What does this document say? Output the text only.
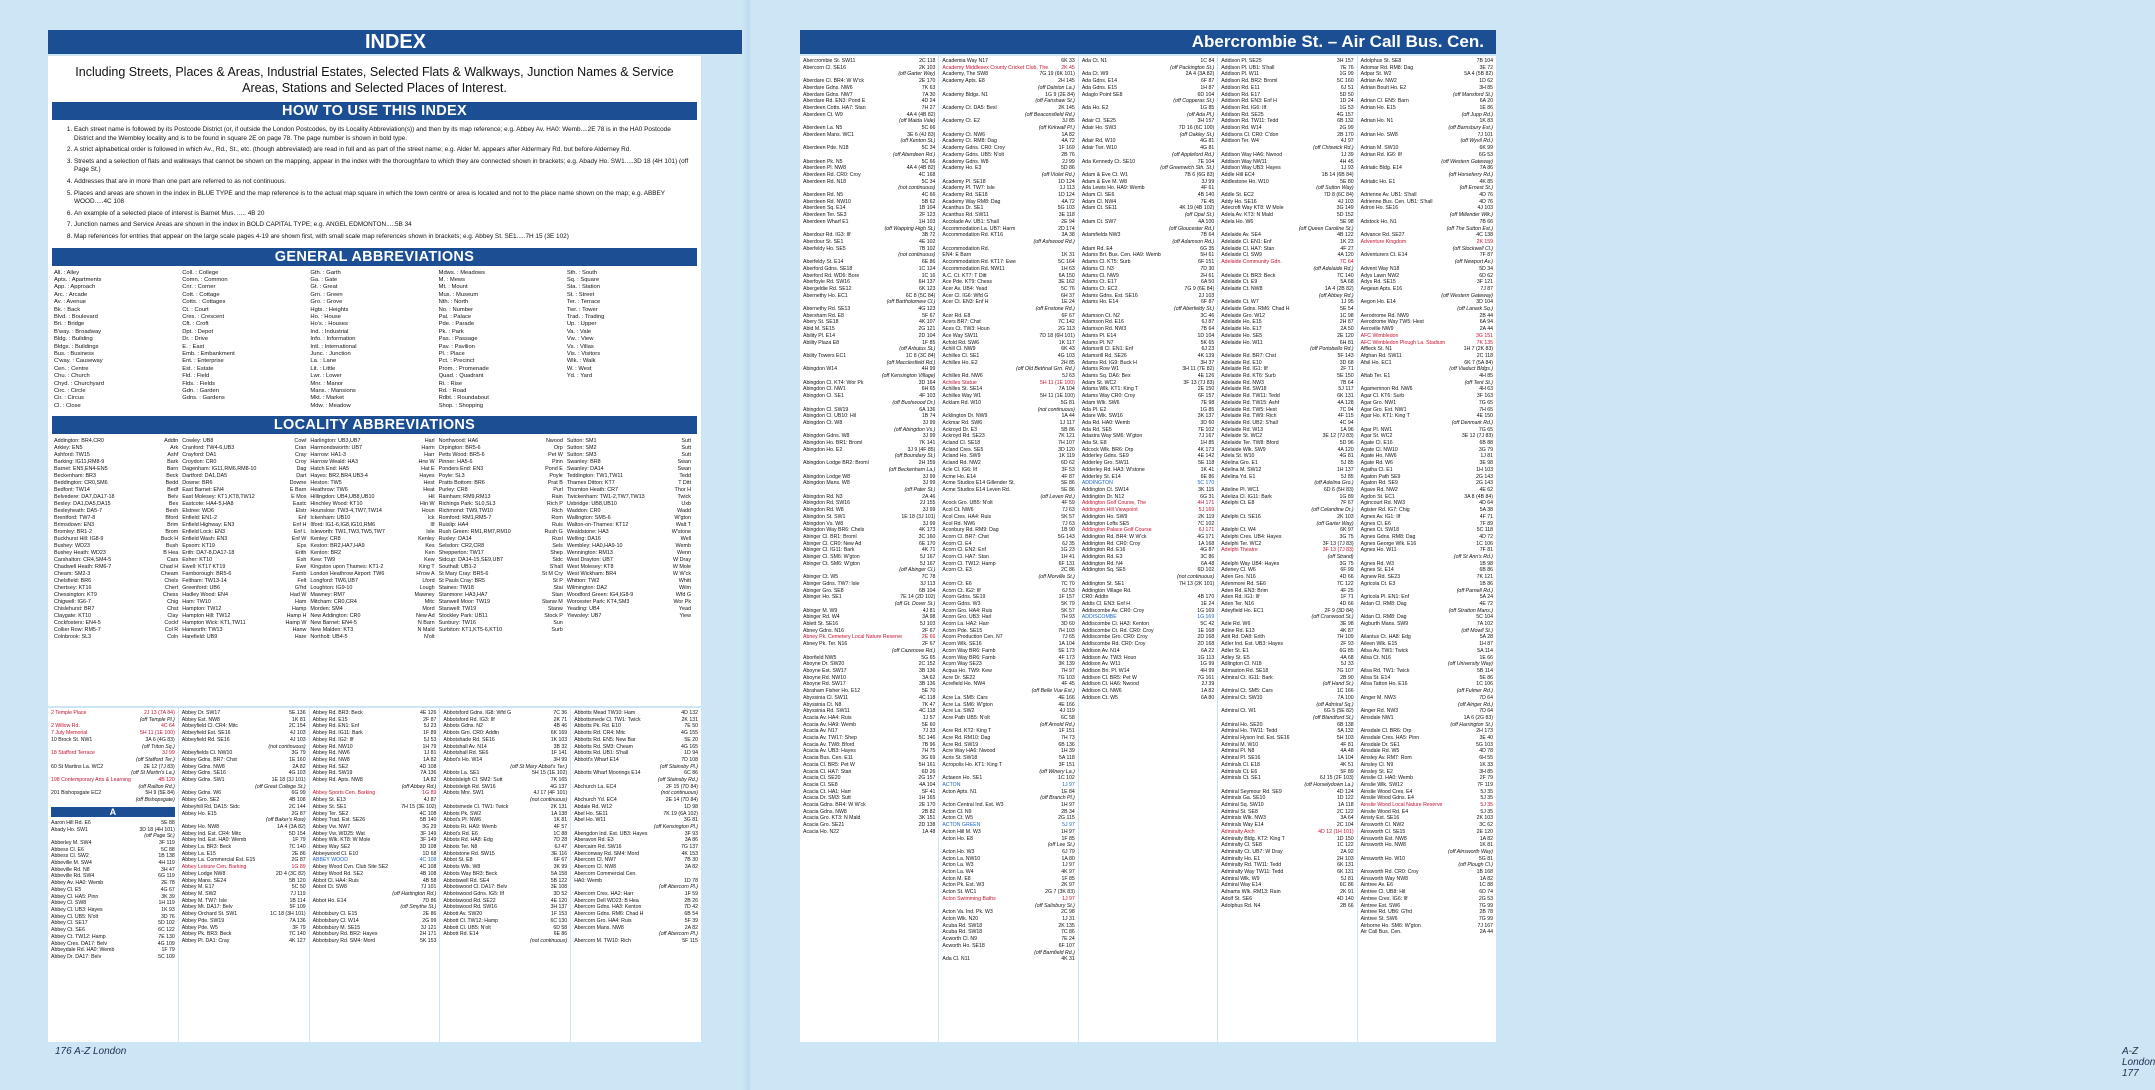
INDEX
Including Streets, Places & Areas, Industrial Estates, Selected Flats & Walkways, Junction Names & Service Areas, Stations and Selected Places of Interest.
HOW TO USE THIS INDEX
1. Each street name is followed by its Postcode District (or, if outside the London Postcodes, by its Locality Abbreviation(s)) and then by its map reference; e.g. Abbey Av. HA0: Wemb....2E 78 is in the HA0 Postcode District and the Wembley locality and is to be found in square 2E on page 78. The page number is shown in bold type.
2. A strict alphabetical order is followed in which Av., Rd., St., etc. (though abbreviated) are read in full and as part of the street name; e.g. Alder M. appears after Aldermary Rd. but before Alderney Rd.
3. Streets and a selection of flats and walkways that cannot be shown on the mapping, appear in the index with the thoroughfare to which they are connected shown in brackets; e.g. Abady Ho. SW1.....3D 18 (4H 101) (off Page St.)
4. Addresses that are in more than one part are referred to as not continuous.
5. Places and areas are shown in the index in BLUE TYPE and the map reference is to the actual map square in which the town centre or area is located and not to the place name shown on the map; e.g. ABBEY WOOD.....4C 108
6. An example of a selected place of interest is Barnet Mus. ..... 4B 20
7. Junction names and Service Areas are shown in the index in BOLD CAPITAL TYPE; e.g. ANGEL EDMONTON.....5B 34
8. Map references for entries that appear on the large scale pages 4-19 are shown first, with small scale map references shown in brackets; e.g. Abbey St. SE1.....7H 15 (3E 102)
GENERAL ABBREVIATIONS
All. : Alley
Apts. : Apartments
App. : Approach
Arc. : Arcade
Av. : Avenue
Bk. : Back
Blvd. : Boulevard
Bri. : Bridge
B'way. : Broadway
Bldg. : Building
Bldgs. : Buildings
Bus. : Business
C'way. : Causeway
Cen. : Centre
Chu. : Church
Chyd. : Churchyard
Circ. : Circle
Cir. : Circus
Cl. : Close
Coll. : College
Comn. : Common
Cnr. : Corner
Cott. : Cottage
Cotts. : Cottages
Ct. : Court
Cres. : Crescent
Cft. : Croft
Dpt. : Depot
Dr. : Drive
E. : East
Emb. : Embankment
Ent. : Enterprise
Est. : Estate
Fld. : Field
Flds. : Fields
Gdn. : Garden
Gdns. : Gardens
Gth. : Garth
Ga. : Gate
Gt. : Great
Grn. : Green
Gro. : Grove
Hgts. : Heights
Ho. : House
Ho's. : Houses
Ind. : Industrial
Info. : Information
Intl. : International
Junc. : Junction
La. : Lane
Lit. : Little
Lwr. : Lower
Mnr. : Manor
Mans. : Mansions
Mkt. : Market
Mdw. : Meadow
Mdws. : Meadows
M. : Mews
Mt. : Mount
Mus. : Museum
Nth. : North
No. : Number
Pal. : Palace
Pde. : Parade
Pk. : Park
Pas. : Passage
Pav. : Pavilion
Pl. : Place
Pct. : Precinct
Prom. : Promenade
Quad. : Quadrant
Ri. : Rise
Rd. : Road
Rdbt. : Roundabout
Shop. : Shopping
Sth. : South
Sq. : Square
Sta. : Station
St. : Street
Ter. : Terrace
Twr. : Tower
Trad. : Trading
Up. : Upper
Va. : Vale
Vw. : View
Vs. : Villas
Vis. : Visitors
Wlk. : Walk
W. : West
Yd. : Yard
LOCALITY ABBREVIATIONS
Addington: BR4,CR0	Addtn
Arkley: EN5	Ark
Ashford: TW15	Ashf
Barking: IG11,RM8-9	Bark
Barnet: EN5,EN4-EN5	Barn
Beckenham: BR3	Beck
Beddington: CR0,SM6	Bedd
Bedfont: TW14	Bedf
Belvedere: DA7,DA17-18	Belv
Bexley: DA1,DA5,DA15	Bex
Bexleyheath: DA5-7	Bexh
Brentford: TW7-8	Bford
Brimsdown: EN3	Brim
Bromley: BR1-2	Brom
Buckhurst Hill: IG8-9	Buck H
Bushey: WD23	Bush
Bushey Heath: WD23	B Hea
Carshalton: CR4,SM4-5	Cars
Chadwell Heath: RM6-7	Chad H
Cheam: SM2-3	Cheam
Chelsfield: BR6	Chels
Chertsey: KT16	Chert
Chessington: KT9	Chess
Chigwell: IG6-7	Chig
Chislehurst: BR7	Chst
Claygate: KT10	Clay
Cockfosters: EN4-5	Cockf
Collier Row: RM5-7	Col R
Colnbrook: SL3	Coln
Cowley: UB8	Cowl
Cranford: TW4-6,UB3	Cran
Crayford: DA1	Cray
Croydon: CR0	Croy
Dagenham: IG11,RM6,RM8-10	Dag
Dartford: DA1,DA5	Dart
Downe: BR6	Downe
East Barnet: EN4	E Barn
East Molesey: KT1,KT8,TW12	E Mos
Eastcote: HA4-5,HA8	Eastc
Elstree: WD6	Elstr
Enfield: EN1-2	Enf
Enfield Highway: EN3	Enf H
Enfield Lock: EN3	Enf L
Enfield Wash: EN3	Enf W
Epsom: KT19	Eps
Erith: DA7-8,DA17-18	Erith
Esher: KT10	Esh
Ewell: KT17 KT19	Ewe
Farnborough: BR5-6	Farnb
Feltham: TW13-14	Felt
Greenford: UB6	G'frd
Hadley Wood: EN4	Had W
Ham: TW10	Ham
Hampton: TW12	Hamp
Hampton Hill: TW12	Hamp H
Hampton Wick: KT1,TW11	Hamp W
Hanworth: TW13	Hanw
Harefield: UB9	Hare
Harlington: UB3,UB7	Harl
Harmondsworth: UB7	Harm
Harrow: HA1-3	Harr
Harrow Weald: HA3	Hrw W
Hatch End: HA5	Hat E
Hayes: BR2,BR4,UB3-4	Hayes
Heston: TW5	Hest
Heathrow: TW6	Heat
Hillingdon: UB4,UB8,UB10	Hil
Hinchley Wood: KT10	Hin W
Hounslow: TW3-4,TW7,TW14	Houn
Ickenham: UB10	Ick
Ilford: IG1-6,IG8,IG10,RM6	Ilf
Isleworth: TW1,TW3,TW5,TW7	Isle
Kenley: CR8	Kenley
Keston: BR2,HA7,HA9	Kes
Kenton: BR2	Ken
Kew: TW9	Kew
Kingston upon Thames: KT1-2	King T
London Heathrow Airport: TW6	H'row A
Longford: TW6,UB7	Lford
Loughton: IG9-10	Lough
Mawney: RM7	Mawney
Mitcham: CR0,CR4	Mitc
Morden: SM4	Mord
New Addington: CR0	New Ad
New Barnet: EN4-5	N Barn
New Malden: KT3	N Mald
Northolt: UB4-5	N'olt
Northwood: HA6	Nwood
Orpington: BR5-6	Orp
Petts Wood: BR5-6	Pet W
Pinner: HA5-6	Pinn
Ponders End: EN3	Pond E
Poyle: SL3	Poyle
Pratts Bottom: BR6	Prat B
Purley: CR8	Purl
Rainham: RM9,RM13	Rain
Richings Park: SL0,SL3	Rich P
Richmond: TW9,TW10	Rich
Romford: RM1,RM5-7	Rom
Ruislip: HA4	Ruis
Rush Green: RM1,RM7,RM10	Rush G
Ruxley: DA14	Ruxl
Selsdon: CR2,CR8	Sels
Shepperton: TW17	Shep
Sidcup: DA14-15,SE9,UB7	Sidc
Southall: UB1-2	S'hall
St Mary Cray: BR5-6	St M Cry
St Pauls Cray: BR5	St P
Staines: TW18	Stai
Stanmore: HA3,HA7	Stan
Stanwell Moor: TW19	Stanw M
Stanwell: TW19	Stanw
Stockley Park: UB11	Stock P
Sunbury: TW16	Sun
Surbiton: KT1,KT5-6,KT10	Surb
Sutton: SM1	Sutt
Sutton: SM2	Sutt
Sutton: SM3	Sutt
Swanley: BR8	Swan
Swanley: DA14	Swan
Teddington: TW1,TW11	Tedd
Thames Ditton: KT7	T Ditt
Thornton Heath: CR7	Thor H
Twickenham: TW1-2,TW7,TW13	Twick
Uxbridge: UB8,UB10	Uxb
Waddon: CR0	Wadd
Wallington: SM5-6	W'gton
Walton-on-Thames: KT12	Walt T
Wealdstone: HA3	W'stone
Welling: DA16	Well
Wembley: HA0,HA9-10	Wemb
Wennington: RM13	Wenn
West Drayton: UB7	W Dray
West Molesey: KT8	W Mole
West Wickham: BR4	W W'ck
Whitton: TW2	Whitt
Wilmington: DA2	Wilm
Woodford Green: IG4,IG8-9	Wfd G
Worcester Park: KT4,SM3	Wor Pk
Yeading: UB4	Yead
Yiewsley: UB7	Yiew
2 Temple Place	2J 13 (7A 84)
(off Temple Pl.)
2 Willow Rd.	4C 64
7 July Memorial	5H 11 (1E 100)
10 Brock St. NW1	3A 6 (4G 83)
(off Triton Sq.)
18 Stafford Terrace	3J 99
(off Stafford Ter.)
60 St Martins La. WC2	2E 12 (7J 83)
(off St Martin's La.)
198 Contemporary Arts & Learning	4B 120
(off Railton Rd.)
201 Bishopsgate EC2	5H 9 (5E 84)
(off Bishopsgate)
A
Aaron Hill Rd. E6	5E 88
Abady Ho. SW1	3D 18 (4H 101)
(off Page St.)
Abberley M. SW4	3F 119
Abbess Cl. E6	5C 88
Abbess Cl. SW2	1B 138
Abbeville M. SW4	4H 119
Abbeville Rd. N8	3H 47
Abbeville Rd. SW4	6G 119
Abbey Av. HA0: Wemb	2E 78
Abbey Cl. E5	4G 67
Abbey Cl. HA5: Pinn	3K 39
Abbey Cl. SW8	1H 119
Abbey Cl. UB3: Hayes	1K 93
Abbey Cl. UB5: N'olt	3D 76
Abbey Cl. SE17	5D 102
Abbey Ct. SE6	6C 122
Abbey Ct. TW12: Hamp	7E 130
Abbey Cres. DA17: Belv	4G 109
Abbeydale Rd. HA0: Wemb	1F 79
Abbey Dr. DA17: Belv	5C 109
Abbey Dr. SW17	5E 136
Abbey Est. NW8	1K 81
Abbeyfield Cl. CR4: Mitc	2C 154
Abbeyfield Est. SE16	4J 103
Abbeyfield Rd. SE16	4J 103
(not continuous)
Abbeyfields Cl. NW10	3G 79
Abbey Gdns. BR7: Chst	1E 160
Abbey Gdns. NW8	2A 82
Abbey Gdns. SE16	4G 103
Abbey Gdns. SW1	1E 18 (3J 101)
(off Great College St.)
Abbey Gdns. W6	6G 99
Abbey Gro. SE2	4B 108
Abbeyhill Rd. DA15: Sidc	2C 144
Abbey Ho. E15	2G 87
(off Baker's Row)
Abbey Ho. NW8	1A 4 (3A 82)
Abbey Ind. Est. CR4: Mitc	5D 154
Abbey Ind. Est. HA0: Wemb	1F 79
Abbey La. BR3: Beck	7C 140
Abbey La. E15	2E 86
Abbey La. Commercial Est. E15	2G 87
Abbey Leisure Cen. Barking	1G 89
Abbey Lodge NW8	2D 4 (3C 82)
Abbey Mans. SE24	5B 120
Abbey M. E17	5C 50
Abbey M. SW2	7J 119
Abbey M. TW7: Isle	1B 114
Abbey Mt. DA17: Belv	5F 109
Abbey Orchard St. SW1	1C 18 (3H 101)
Abbey Pde. SW19	7A 136
Abbey Pde. W5	3F 79
Abbey Pk. BR3: Beck	7C 140
Abbey Pl. DA1: Cray	4K 127
Abbey Rd. BR3: Beck	4E 126
Abbey Rd. E15	2F 87
Abbey Rd. EN1: Enf	5J 23
Abbey Rd. IG11: Bark	1F 89
Abbey Rd. IG2: Ilf	5J 53
Abbey Rd. NW10	1H 79
Abbey Rd. NW6	1J 81
Abbey Rd. NW8	1A 82
Abbey Rd. SE2	4D 108
Abbey Rd. SW19	7A 136
Abbey Rd. Apts. NW8	1A 82
(off Abbey Rd.)
Abbey Sports Cen. Barking	1G 89
Abbey St. E13	4J 87
Abbey St. SE1	7H 15 (3E 102)
Abbey Ter. SE2	4C 108
Abbey Trad. Est. SE26	5B 140
Abbey Vw. NW7	3G 29
Abbey Vw. WD25: Wat	3F 149
Abbey Wlk. KT8: W Mole	3F 149
Abbey Way SE2	3D 108
Abbeywood Cl. E10	1D 68
ABBEY WOOD	4C 108
Abbey Wood Cvn. Club Site SE2	4C 108
Abbey Wood Rd. SE2	4B 108
Abbot Cl. HA4: Ruis	4B 58
Abbot Ct. SW8	7J 101
(off Hartington Rd.)
Abbot Ho. E14	7D 86
(off Smythe St.)
Abbotsbury Cl. E15	2E 86
Abbotsbury Cl. W14	2G 99
Abbotsbury M. SE15	3J 121
Abbotsbury Rd. BR2: Hayes	2H 171
Abbotsbury Rd. SM4: Mord	5K 153
Abbotsford Gdns. IG8: Wfd G	7C 36
Abbotsford Rd. IG3: Ilf	2K 71
Abbots Gdns. N2	4B 46
Abbots Grn. CR0: Addtn	6K 169
Abbotshade Rd. SE16	1K 103
Abbotshall Av. N14	3B 32
Abbotshall Rd. SE6	1F 141
Abbot's Ho. W14	3H 99
(off St Mary Abbot's Ter.)
Abbots La. SE1	5H 15 (1E 102)
Abbotsleigh Cl. SM2: Sutt	7K 165
Abbotsleigh Rd. SW16	4G 137
Abbots Mnr. SW1	4J 17 (4F 101)
(not continuous)
Abbotsmede Cl. TW1: Twick	2K 131
Abbots Pk. SW2	1A 138
Abbot's Pl. NW6	1K 81
Abbots Ri. HA9: Wemb	4F 57
Abbot's Rd. E6	1C 88
Abbots Rd. HA8: Edg	7D 28
Abbots Ter. N8	6J 47
Abbotstone Rd. SW15	3E 116
Abbot St. E8	6F 67
Abbots Wlk. W8	3K 99
Abbots Way BR3: Beck	5A 158
Abbotswell Rd. SE4	5B 122
Abbotswood Cl. DA17: Belv	3E 108
Abbotswood Gdns. IG5: Ilf	3D 52
Abbotswood Rd. SE22	4E 120
Abbotswood Rd. SW16	3H 137
Abbott Av. SW20	1F 153
Abbott Cl. TW12: Hamp	6C 130
Abbott Cl. UB5: N'olt	6D 58
Abbott Rd. E14	6E 86
(not continuous)
Abbotts Mead TW10: Ham	4D 132
Abbottsmede Cl. TW1: Twick	2K 131
Abbotts Pk. Rd. E10	7E 50
Abbotts Rd. CR4: Mitc	4G 155
Abbotts Rd. EN5: New Bar	5E 20
Abbotts Rd. SM3: Cheam	4G 165
Abbotts Rd. UB1: S'hall	1D 94
Abbott's Wharf E14	7D 108
(off Stainsby Pl.)
Abbotts Wharf Moorings E14	6C 86
(off Stainsby Rd.)
Abchurch La. EC4	2F 15 (7D 84)
(not continuous)
Abchurch Yd. EC4	2E 14 (7D 84)
Abdale Rd. W12	1D 98
Abel Ho. SE11	7K 19 (6A 102)
Abel Ho. W11	3G 81
(off Kensington Pl.)
Abengdon Ind. Est. UB3: Hayes	3F 93
Aberavon Rd. E3	3A 86
Abercairn Rd. SW16	7G 137
Aberconway Rd. SM4: Mord	4K 153
Abercorn Cl. NW7	7B 30
Abercorn Cl. NW8	3A 82
Abercorn Commercial Cen.
HA0: Wemb	1D 78
(off Abercorn Pl.)
Abercorn Cres. HA2: Harr	1F 59
Abercorn Dell WD23: B Hea	2B 26
Abercorn Gdns. HA3: Kenton	7D 42
Abercorn Gdns. RM6: Chad H	6B 54
Abercorn Gro. HA4: Ruis	5F 39
Abercorn Mans. NW8	2A 82
(off Abercorn Pl.)
Abercorn M. TW10: Rich	5F 115
176 A-Z London
Abercrombie St. – Air Call Bus. Cen.
Abercrombie St. SW11	2C 118
Abercorn Cl. SE16	2K 103
(off Garter Way)
Aberdare Cl. BR4: W W'ck	2E 170
Aberdare Gdns. NW6	7K 63
Aberdare Gdns. NW7	7A 30
Aberdare Rd. EN3: Pond E	4D 24
Aberdeen Cotts. HA7: Stan	7H 27
Aberdeen Ct. W9	4A 4 (4B 82)
(off Maida Vale)
Aberdeen La. N5	5C 66
Aberdeen Mans. WC1	3E 6 (4J 83)
(off Kenton St.)
Aberdeen Pde. N18	5C 34
(off Aberdeen Rd.)
Aberdeen Pk. N5	5C 66
Aberdeen Pl. NW8	4A 4 (4B 82)
Aberdeen Rd. CR0: Croy	4C 168
Aberdeen Rd. N18	5C 34
(not continuous)
Aberdeen Rd. N5	4C 66
Aberdeen Rd. NW10	5B 62
Aberdeen Sq. E14	1B 104
Aberdeen Ter. SE3	2F 123
Aberdeen Wharf E1	1H 103
(off Wapping High St.)
Aberdour Rd. IG3: Ilf	3B 72
Aberdour St. SE1	4E 102
Aberfeldy Ho. SE5	7B 102
(not continuous)
Aberfeldy St. E14	6E 86
Aberford Gdns. SE18	1C 124
Aberford Rd. WD6: Bore	1C 16
Aberfoyle Rd. SW16	6H 137
Abergeldie Rd. SE12	6K 123
Abernethy Ho. EC1	6C 8 (5C 84)
(off Bartholomew Cl.)
Abernethy Rd. SE13	4G 123
Abersham Rd. E8	5F 67
Abery St. SE18	4K 107
Abid M. SE15	2G 121
Ability Pl. E14	2D 104
Ability Plaza E8	1F 85
(off Arbutus St.)
Ability Towers EC1	1C 8 (3C 84)
(off Macclesfield Rd.)
Abingdon W14	4H 99
(off Kensington Village)
Abingdon Cl. KT4: Wor Pk	3D 164
Abingdon Cl. NW1	6H 65
Abingdon Cl. SE1	4F 103
(off Bushwood Dr.)
Abingdon Cl. SW19	6A 136
Abingdon Cl. UB10: Hil	1B 74
Abingdon Ct. W8	3J 99
(off Abingdon Vs.)
Abingdon Gdns. W8	3J 99
Abingdon Ho. BR1: Broml	7K 141
Abingdon Ho. E2	3J 9 (4F 85)
(off Boundary St.)
Abingdon Lodge BR2: Broml	2H 159
(off Beckenham La.)
Abingdon Lodge W8	3J 99
Abingdon Mans. W8	3J 99
(off Pater St.)
Abingdon Rd. N3	2A 46
Abingdon Rd. SW16	2J 155
Abingdon Rd. W8	3J 99
Abingdon St. SW1	1E 18 (3J 101)
Abingdon Vs. W8	3J 99
Abingdon Way BR6: Chels	4K 173
Abinger Cl. BR1: Broml	3C 160
Abinger Cl. CR0: New Ad	6E 170
Abinger Cl. IG11: Bark	4K 71
Abinger Cl. SM6: W'gton	5J 167
Abinger Ct. SM6: W'gton	5J 167
(off Abinger Cl.)
Abinger Ct. W5	7C 78
Abinger Gdns. TW7: Isle	3J 113
Abinger Gro. SE8	6B 104
Abinger Ho. SE1	7E 14 (2D 102)
(off Gt. Dover St.)
Abinger M. W9	4J 81
Abinger Rd. W4	3A 98
Ablett St. SE16	5J 103
Abney Gdns. N16	2F 67
Abney Pk. Cemetery Local Nature Reserve	2E 66
Abney Pk. Ter. N16	2F 67
(off Cazenove Rd.)
Aborfield NW5	5G 65
Aboyne Dr. SW20	2C 152
Aboyne Est. SW17	3B 136
Aboyne Rd. NW10	3A 62
Aboyne Rd. SW17	3B 136
Abraham Fisher Ho. E12	5E 70
Abyssinia Cl. SW11	4C 118
Abyssinia Ct. N8	7K 47
Abyssinia Rd. SW11	4C 118
Acacia Av. HA4: Ruis	1J 57
Acacia Av. HA9: Wemb	5E 60
Acacia Av. N17	7J 33
Acacia Av. TW17: Shep	5C 146
Acacia Av. TW8: Bford	7B 96
Acacia Av. UB3: Hayes	7H 75
Acacia Bus. Cen. E11	3G 69
Acacia Cl. BR5: Pet W	5H 161
Acacia Cl. HA7: Stan	6D 26
Acacia Cl. SE20	2G 157
Acacia Cl. SE8	4A 104
Acacia Ct. HA1: Harr	5F 41
Acacia Dr. SM3: Sutt	1H 165
Acacia Gdns. BR4: W W'ck	2E 170
Acacia Gdns. NW8	2B 82
Acacia Gro. KT3: N Mald	3K 151
Acacia Gro. SE21	2D 138
Acacia Ho. N22	1A 48
Academia Way N17	6K 33
Academy Middlesex County Cricket Club, The	2K 45
Academy, The SW8	7G 19 (6K 101)
Academy Apts. E8	2H 145
(off Dalston La.)
Academy Bldgs. N1	1G 9 (2E 84)
(off Fanshaw St.)
Academy Ct. DA5: Bexl	2K 145
(off Beaconsfield Rd.)
Academy Ct. E2	3J 85
(off Kirkwall Pl.)
Academy Ct. NW6	1A 82
Academy Ct. RM8: Dag	4A 72
Academy Gdns. CR0: Croy	1F 169
Academy Gdns. UB5: N'olt	2B 76
Academy Gdns. W8	2J 99
Academy Ho. E3	5D 86
(off Violet Rd.)
Academy Pl. SE18	1D 124
Academy Pl. TW7: Isle	1J 113
Academy Rd. SE18	1D 124
Academy Way RM8: Dag	4A 72
Acanthus Dr. SE1	5G 103
Acanthus Rd. SW11	3E 118
Accolade Av. UB1: S'hall	2E 94
Accommodation La. UB7: Harm	2D 174
Accommodation Rd. KT16	3A 38
(off Ashwood Rd.)
Accommodation Rd.
EN4: E Barn	1K 31
Accommodation Rd. KT17: Ewe	5C 164
Accommodation Rd. NW11	1H 63
A.C. Ct. KT7: T Ditt	6A 150
Ace Pde. KT9: Chess	3E 162
Acer Av. UB4: Yead	5C 76
Acer Cl. IG6: Wfd G	6H 37
Acer Ct. EN3: Enf H	1E 24
(off Enstone Rd.)
Acer Rd. E8	6F 67
Acers BR7: Chst	7C 142
Aces Ct. TW3: Houn	2G 113
Ace Way SW11	7D 18 (6H 101)
Acfold Rd. SW6	1K 117
Achill Cl. NW9	6K 43
Achilles Cl. SE1	4G 103
Achilles Ho. E2	2H 85
(off Old Bethnal Grn. Rd.)
Achilles Rd. NW6	5J 63
Achilles Statue	5H 11 (1E 100)
Achilles St. SE14	7A 104
Achilles Way W1	5H 11 (1E 100)
Acklam Rd. W10	5G 81
(not continuous)
Acklington Dr. NW9	1A 44
Ackmar Rd. SW6	1J 117
Ackroyd Dr. E3	5B 86
Ackroyd Rd. SE23	7K 121
Acland Cl. SE18	7H 107
Acland Cres. SE5	3D 120
Acland Ho. SW9	1K 119
Acland Rd. NW2	6D 62
Acle Cl. IG6: Ilf	3F 53
Acme Ho. E14	4F 87
Acme Studios E14 Gillender St.	5E 86
Acme Studios E14 Leven Rd.	5E 86
(off Leven Rd.)
Acock Gro. UB5: N'olt	4F 59
Acol Ct. NW6	7J 63
Acol Cres. HA4: Ruis	5K 57
Acol Rd. NW6	7J 63
Aconbury Rd. RM9: Dag	1B 90
Acorn Cl. BR7: Chst	5G 143
Acorn Cl. E4	6J 35
Acorn Cl. EN2: Enf	1G 23
Acorn Cl. HA7: Stan	1H 41
Acorn Cl. TW12: Hamp	6F 131
Acorn Ct. E3	2C 86
(off Morville St.)
Acorn Ct. E6	7C 70
Acorn Ct. IG2: Ilf	6J 53
Acorn Gdns. SE19	1F 157
Acorn Gdns. W3	5K 79
Acorn Gro. HA4: Ruis	5K 57
Acorn Gro. UB3: Harl	7H 93
Acorn La. HA2: Harr	3D 60
Acorn Pde. SE15	7H 103
Acorn Production Cen. N7	7J 65
Acorn Wlk. SE16	1A 104
Acorn Way BR6: Farnb	5E 173
Acorn Way BR6: Farnb	4F 173
Acorn Way SE23	3K 139
Acqua Ho. TW9: Kew	7H 97
Acre Dr. SE22	7G 103
Acrefield Ho. NW4	4F 45
(off Belle Vue Est.)
Acre La. SM5: Cars	4E 166
Acre La. SM6: W'gton	4E 166
Acre La. SW2	4J 119
Acre Path UB5: N'olt	6C 58
(off Arnold Rd.)
Acre Rd. KT2: King T	1F 151
Acre Rd. RM10: Dag	7H 73
Acre Rd. SW19	6B 136
Acre Way HA6: Nwood	1H 39
Acris St. SW18	5A 118
Acropolis Ho. KT1: King T	3F 151
(off Winery La.)
Actaeon Ho. SE1	1C 102
ACTON	1J 97
Acton Apts. N1	1E 84
(off Branch Pl.)
Acton Central Ind. Est. W3	1H 97
Acton Cl. N9	2B 34
Acton Ct. W5	2G 115
ACTON GREEN	5J 97
Acton Hill M. W3	1H 97
Acton Ho. E8	1F 85
(off Lee St.)
Acton Ho. W3	6J 79
Acton La. NW10	1A 80
Acton La. W3	1J 97
Acton La. W4	4K 97
Acton M. E8	1F 85
Acton Pk. Est. W3	2K 97
Acton St. WC1	2G 7 (3K 83)
Acton Swimming Baths	1J 97
(off Salisbury St.)
Acton Va. Ind. Pk. W3	2C 98
Acton Wlk. N20	1J 31
Acuba Rd. SW18	2K 135
Acuba Rd. SW18	7C 86
Acworth Cl. N9	7E 24
Acworth Ho. SE18	6F 107
(off Barnfield Rd.)
Ada Cl. N11	4K 31
Ada Ct. N1	1C 84
(off Packington St.)
Ada Ct. W9	2A 4 (3A 82)
Ada Gdns. E14	6F 87
Ada Gdns. E15	1H 87
Adagio Point SE8	6D 104
(off Copperas St.)
Ada Ho. E2	1G 85
(off Ada Pl.)
Adair Cl. SE25	3H 157
Adair Ho. SW3	7D 16 (6C 100)
(off Oakley St.)
Adair Rd. W10	4G 81
Adair Twr. W10	4G 81
(off Appleford Rd.)
Ada Kennedy Ct. SE10	7E 104
(off Greenwich Sth. St.)
Adam & Eve Ct. W1	7B 6 (6G 83)
Adam & Eve M. W8	3J 99
Ada Lewis Ho. HA9: Wemb	4F 61
Adam Cl. SE6	4B 140
Adam Cl. NW4	7E 45
Adam Ct. SE11	4K 19 (4B 102)
(off Opal St.)
Adam Ct. SW7	4A 100
(off Gloucester Rd.)
Adamfields NW3	7B 64
(off Adamson Rd.)
Adam Rd. E4	6G 35
Adams Bri. Bus. Cen. HA9: Wemb	5H 61
Adams Cl. KT5: Surb	6F 151
Adams Cl. N3	7D 30
Adams Cl. NW9	2H 61
Adams Ct. E17	6A 50
Adams Ct. EC2	7G 9 (6E 84)
Adams Gdns. Est. SE16	2J 103
Adams Ho. E14	6F 87
(off Aberfeldy St.)
Adamson Ct. N2	3C 46
Adamson Rd. E16	6J 87
Adamson Rd. NW3	7B 64
Adams Pl. E14	1D 104
Adams Pl. N7	5K 65
Adamsrill Cl. EN1: Enf	6J 23
Adamsrill Rd. SE26	4K 139
Adams Rd. IG9: Buck H	3H 37
Adams Row W1	3H 11 (7E 82)
Adams Sq. DA6: Bex	4E 126
Adam St. WC2	3F 13 (7J 83)
Adams Wlk. KT1: King T	2E 150
Adams Way CR0: Croy	6F 157
Adam Wlk. SW6	7E 98
Ada Pl. E2	1G 85
Adare Wlk. SW16	3K 137
Ada Rd. HA0: Wemb	3D 60
Ada Rd. SE5	7E 102
Adastra Way SM6: W'gton	7J 167
Ada St. E8	1H 85
Adcock Wlk. BR6: Orp	4K 173
Adderley Gdns. SE9	4E 142
Adderley Gro. SW11	5E 118
Adderley Rd. HA3: W'stone	1K 41
Adderley St. E14	6E 86
ADDINGTON	5C 170
Addington Ct. SW14	3K 115
Addington Dr. N12	6G 31
Addington Golf Course, The	4H 171
Addington Hill Viewpoint	5J 169
Addington Ho. SW9	2K 119
Addington Lofts SE5	7C 102
Addington Palace Golf Course	6J 171
Addington Rd. BR4: W W'ck	4G 171
Addington Rd. CR0: Croy	1A 168
Addington Rd. E16	4G 87
Addington Rd. E3	3C 86
Addington Rd. N4	6A 48
Addington Sq. SE5	6D 102
(not continuous)
Addington St. SE1	7H 13 (2K 101)
Addington Village Rd.
CR0: Addtn	4B 170
Addis Cl. EN3: Enf H	1E 24
Addiscombe Av. CR0: Croy	1G 169
ADDISCOMBE	1G 169
Addiscombe Cl. HA3: Kenton	5C 42
Addiscombe Ct. Rd. CR0: Croy	1E 168
Addiscombe Gro. CR0: Croy	2D 168
Addiscombe Rd. CR0: Croy	2D 168
Addison Av. N14	6A 22
Addison Av. TW3: Houn	1G 113
Addison Av. W11	1G 99
Addison Bri. Pl. W14	4H 99
Addison Cl. BR5: Pet W	7G 161
Addison Cl. HA6: Nwood	2J 39
Addison Ct. NW6	1A 82
Addison Ct. W5	6A 80
Addison Pl. SE25	3H 157
Addison Pl. UB1: S'hall	7E 76
Addison Pl. W11	1G 99
Addison Rd. BR2: Broml	5C 160
Addison Rd. E11	6J 51
Addison Rd. E17	5D 50
Addison Rd. EN3: Enf H	1D 24
Addison Rd. IG6: Ilf	1G 53
Addison Rd. SE25	4G 157
Addison Rd. TW11: Tedd	6B 132
Addison Rd. W14	2G 99
Addisons Cl. CR0: C'don	2B 170
Addison Ter. W4	4J 97
(off Chiswick Rd.)
Addison Way HA6: Nwood	1J 39
Addison Way NW11	4H 45
Addison Way UB3: Hayes	1J 93
Addle Hill EC4	1B 14 (6B 84)
Addlestone Ho. W10	5E 80
(off Sutton Way)
Addle St. EC2	7D 8 (6C 84)
Addy Ho. SE16	4J 103
Adecroft Way KT8: W Mole	3G 149
Adela Av. KT3: N Mald	5D 152
Adela Ho. W6	5E 98
(off Queen Caroline St.)
Adelaide Av. SE4	4B 122
Adelaide Cl. EN1: Enf	1K 23
Adelaide Cl. HA7: Stan	4F 27
Adelaide Cl. SW9	4A 120
Adelaide Community Gdn.	7C 64
(off Adelaide Rd.)
Adelaide Ct. BR3: Beck	7C 140
Adelaide Ct. E9	5A 68
Adelaide Ct. NW8	1A 4 (2B 82)
(off Abbey Rd.)
Adelaide Ct. W7	1J 95
Adelaide Gdns. RM6: Chad H	5E 54
Adelaide Gro. W12	1C 98
Adelaide Ho. E15	2H 87
Adelaide Ho. E17	2A 50
Adelaide Ho. SE5	2E 120
Adelaide Ho. W11	6H 81
(off Portobello Rd.)
Adelaide Rd. BR7: Chst	5F 143
Adelaide Rd. E10	3D 68
Adelaide Rd. IG1: Ilf	2F 71
Adelaide Rd. KT6: Surb	5E 150
Adelaide Rd. NW3	7B 64
Adelaide Rd. SW18	5J 117
Adelaide Rd. TW11: Tedd	6K 131
Adelaide Rd. TW15: Ashf	4A 128
Adelaide Rd. TW5: Hest	7C 94
Adelaide Rd. TW9: Rich	4F 115
Adelaide Rd. UB2: S'hall	4C 94
Adelaide Rd. W13	1A 96
Adelaide St. WC2	3E 12 (7J 83)
Adelaide Ter. TW8: Bford	5D 96
Adelaide Wlk. SW9	4A 120
Adela St. W10	4G 81
Adelina Gro. E1	5J 85
Adelina M. SW12	1H 137
Adelina Yd. E1	5J 85
(off Adelina Gro.)
Adeline Pl. WC1	6D 6 (5H 83)
Adeliza Cl. IG11: Bark	1G 89
Adelphi Ct. E8	7F 67
(off Celandine Dr.)
Adelphi Ct. SE16	2K 103
(off Garter Way)
Adelphi Ct. W4	6K 97
Adelphi Cres. UB4: Hayes	3G 75
Adelphi Ter. WC2	3F 13 (7J 83)
Adelphi Theatre	3F 13 (7J 83)
(off Strand)
Adelphi Way UB4: Hayes	3G 75
Adeney Cl. W6	6F 99
Aden Gro. N16	4D 66
Adenmore Rd. SE6	7C 122
Aden Rd. EN3: Brim	4F 25
Aden Rd. IG1: Ilf	1F 71
Aden Ter. N16	4D 66
Adeyfield Ho. EC1	2F 9 (3D 84)
(off Cranwood St.)
Adie Rd. W6	3E 98
Adine Rd. E13	4K 87
Adit Rd. DA8: Erith	7H 109
Adler Ind. Est. UB3: Hayes	2F 93
Adler St. E1	6G 85
Adley St. E5	4A 68
Adlington Cl. N18	5J 33
Admaston Rd. SE18	7G 107
Admiral Ct. IG11: Bark	2B 90
(off Hand St.)
Admiral Ct. SM5: Cars	1C 166
Admiral Ct. SW10	7A 100
(off Admiral Sq.)
Admiral Ct. W1	6G 5 (5E 82)
(off Blandford St.)
Admiral Ho. SE20	6B 138
Admiral Ho. TW11: Tedd	5A 132
Admiral Hyson Ind. Est. SE16	5H 103
Admiral M. W10	4F 81
Admiral Pl. N8	4A 48
Admiral Pl. SE16	1A 104
Admirals Cl. E18	4K 51
Admirals Ct. E6	5F 89
Admirals Ct. SE1	6J 15 (2F 103)
(off Horselydown La.)
Admiral Seymour Rd. SE9	4D 124
Admirals Ga. SE10	1D 122
Admiral Sq. SW10	1A 118
Admiral St. SE8	2C 122
Admirals Wlk. NW3	3A 64
Admirals Way E14	2C 104
Admiralty Arch	4D 12 (1H 101)
Admiralty Bldg. KT2: King T	1D 150
Admiralty Cl. SE8	1C 122
Admiralty Ct. UB7: W Dray	2A 92
Admiralty Ho. E1	2H 103
Admiralty Rd. TW11: Tedd	6K 131
Admiralty Way TW11: Tedd	6K 131
Admiral Wlk. W9	5J 81
Admiral Way E14	6C 86
Adnams Wlk. RM13: Rain	2K 91
Adolf St. SE6	4D 140
Adolphus Rd. N4	2B 66
Adolphus St. SE8	7B 104
Adomar Rd. RM8: Dag	3E 72
Adpar St. W2	5A 4 (5B 82)
Adrian Av. NW2	1D 62
Adrian Boult Ho. E2	3H 85
(off Mansford St.)
Adrian Cl. EN5: Barn	6A 20
Adrian Ho. E15	1E 86
(off Jupp Rd.)
Adrian Ho. N1	1K 83
(off Barnsbury Est.)
Adrian Ho. SW8	7J 101
(off Wyvil Rd.)
Adrian M. SW10	6K 99
Adrian Rd. IG6: Ilf	6G 53
(off Western Gateway)
Adriatic Bldg. E14	7A 86
(off Horseferry Rd.)
Adriatic Ho. E1	4K 85
(off Ernest St.)
Adrienne Av. UB1: S'hall	4D 76
Adrienne Bus. Cen. UB1: S'hall	4D 76
Adron Ho. SE16	4J 103
(off Millender Wlk.)
Adstock Ho. N1	7B 66
(off The Sutton Est.)
Advance Rd. SE27	4C 138
Adventure Kingdom	2K 159
(off Stockwell Cl.)
Adventurers Ct. E14	7F 87
(off Newport Av.)
Advent Way N18	5D 34
Adys Lawn NW2	6D 62
Adys Rd. SE15	3F 121
Aegean Apts. E16	7J 87
(off Western Gateway)
Aegon Ho. E14	3D 104
(off Lanark Sq.)
Aerodrome Rd. NW9	2B 44
Aerodrome Way TW5: Hest	6A 94
Aeroville NW9	2A 44
AFC Wimbledon	3G 151
AFC Wimbledon Plough La. Stadium	7K 135
Affleck St. N1	1H 7 (2K 83)
Afghan Rd. SW11	2C 118
Afsil Ho. EC1	6K 7 (5A 84)
(off Viaduct Bldgs.)
Aftab Ter. E1	4H 85
(off Tent St.)
Agamemnon Rd. NW6	4H 63
Agar Cl. KT6: Surb	3F 163
Agar Gro. NW1	7G 65
Agar Gro. Est. NW1	7H 65
Agar Ho. KT1: King T	4E 150
(off Denmark Rd.)
Agar Pl. NW1	7G 65
Agar St. WC2	3E 12 (7J 83)
Agate Cl. E16	6B 88
Agate Cl. NW10	3G 79
Agate Ho. NW6	1J 81
Agate Rd. W6	3E 98
Agatha Cl. E1	1H 103
Agaton Path SE9	2G 143
Agaton Rd. SE9	2G 143
Agave Rd. NW2	4E 62
Agdon St. EC1	3A 8 (4B 84)
Agincourt Rd. NW3	4D 64
Agister Rd. IG7: Chig	5A 38
Agnes Av. IG1: Ilf	4F 71
Agnes Cl. E6	7F 89
Agnes Ct. SW18	5C 118
Agnes Gdns. RM8: Dag	4D 72
Agnes George Wlk. E16	1C 106
Agnes Ho. W11	7F 81
(off St Ann's Rd.)
Agnes Rd. W3	1B 98
Agnes St. E14	6B 86
Agnew Rd. SE23	7K 121
Agricola Ct. E3	1B 86
(off Parnell Rd.)
Agricola Pl. EN1: Enf	5A 24
Aidan Cl. RM8: Dag	4E 72
(off Stratton Mans.)
Aldan Cl. RM8: Dag	5C 104
Aigburth Mans. SW9	7A 102
(off Mowll St.)
Ailantus Ct. HA8: Edg	5A 28
Aileen Wlk. E15	1H 87
Ailsa Av. TW1: Twick	5A 114
Ailsa Ct. N16	1E 66
(off University Way)
Ailsa Rd. TW1: Twick	5B 114
Ailsa St. E14	5E 86
Ailsa Tatton Ho. E16	1C 106
(off Fulmer Rd.)
Ainger M. NW3	7D 64
(off Ainger Rd.)
Ainger Rd. NW3	7D 64
Ainsdale NW1	1A 6 (2G 83)
(off Harrington St.)
Ainsdale Cl. BR6: Orp	2H 173
Ainsdale Cres. HA5: Pinn	3E 40
Ainsdale Dr. SE1	5G 103
Ainsdale Rd. W5	4D 78
Ainsley Av. RM7: Rom	6H 55
Ainsley Cl. N9	1K 33
Ainsley St. E2	3H 85
Ainslie Cl. HA0: Wemb	2F 79
Ainslie Wlk. SW12	7F 119
Ainslie Wood Cres. E4	5J 35
Ainslie Wood Gdns. E4	5J 35
Ainslie Wood Local Nature Reserve	5J 35
Ainslie Wood Rd. E4	5J 35
Ainsty Est. SE16	2K 103
Ainsworth Cl. NW2	3C 62
Ainsworth Cl. SE15	2E 120
Ainsworth Est. NW8	1A 82
Ainsworth Ho. NW8	1K 81
(off Ainsworth Way)
Ainsworth Ho. W10	5G 81
(off Plough Cl.)
Ainsworth Rd. CR0: Croy	1B 168
Ainsworth Way NW8	1A 82
Aintree Av. E6	1C 88
Aintree Cl. UB8: Hil	6D 74
Aintree Cres. IG6: Ilf	2G 53
Aintree Est. SW6	7G 99
Aintree Rd. UB6: G'frd	2B 78
Aintree St. SW6	7G 99
Airborne Ho. SM6: W'gton	7J 167
Air Call Bus. Cen.	2A 44
A-Z London 177
